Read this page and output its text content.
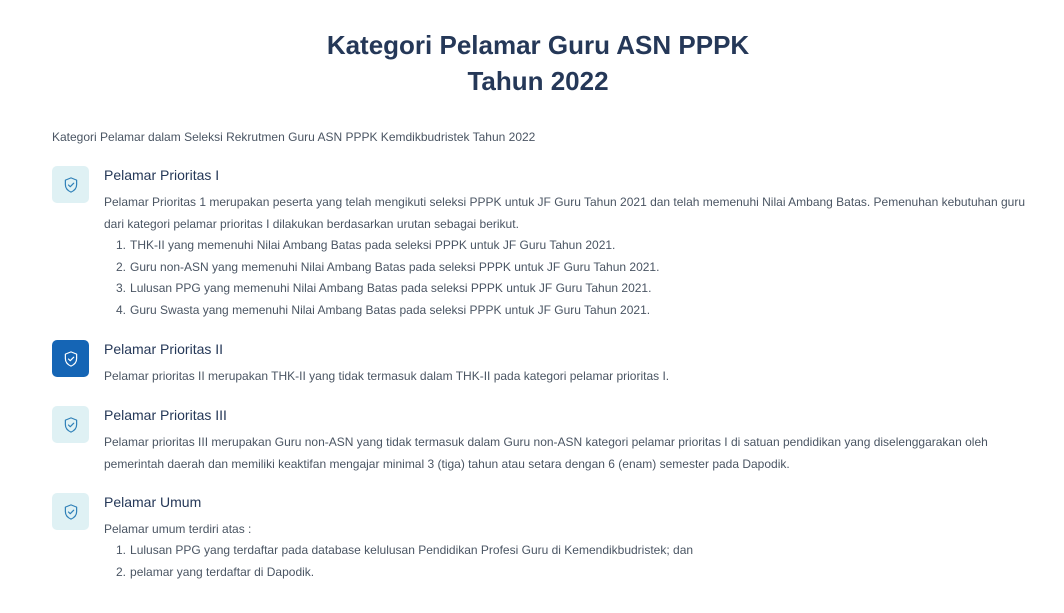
Kategori Pelamar Guru ASN PPPK
Tahun 2022

Kategori Pelamar dalam Seleksi Rekrutmen Guru ASN PPPK Kemdikbudristek Tahun 2022

Pelamar Prioritas I

Pelamar Prioritas 1 merupakan peserta yang telah mengikuti seleksi PPPK untuk JF Guru Tahun 2021 dan telah memenuhi Nilai Ambang Batas. Pemenuhan kebutuhan guru dari kategori pelamar prioritas I dilakukan berdasarkan urutan sebagai berikut.

1. THK-II yang memenuhi Nilai Ambang Batas pada seleksi PPPK untuk JF Guru Tahun 2021.
2. Guru non-ASN yang memenuhi Nilai Ambang Batas pada seleksi PPPK untuk JF Guru Tahun 2021.
3. Lulusan PPG yang memenuhi Nilai Ambang Batas pada seleksi PPPK untuk JF Guru Tahun 2021.
4. Guru Swasta yang memenuhi Nilai Ambang Batas pada seleksi PPPK untuk JF Guru Tahun 2021.
Pelamar Prioritas II

Pelamar prioritas II merupakan THK-II yang tidak termasuk dalam THK-II pada kategori pelamar prioritas I.

Pelamar Prioritas III

Pelamar prioritas III merupakan Guru non-ASN yang tidak termasuk dalam Guru non-ASN kategori pelamar prioritas I di satuan pendidikan yang diselenggarakan oleh pemerintah daerah dan memiliki keaktifan mengajar minimal 3 (tiga) tahun atau setara dengan 6 (enam) semester pada Dapodik.

Pelamar Umum

Pelamar umum terdiri atas :

1. Lulusan PPG yang terdaftar pada database kelulusan Pendidikan Profesi Guru di Kemendikbudristek; dan
2. pelamar yang terdaftar di Dapodik.
